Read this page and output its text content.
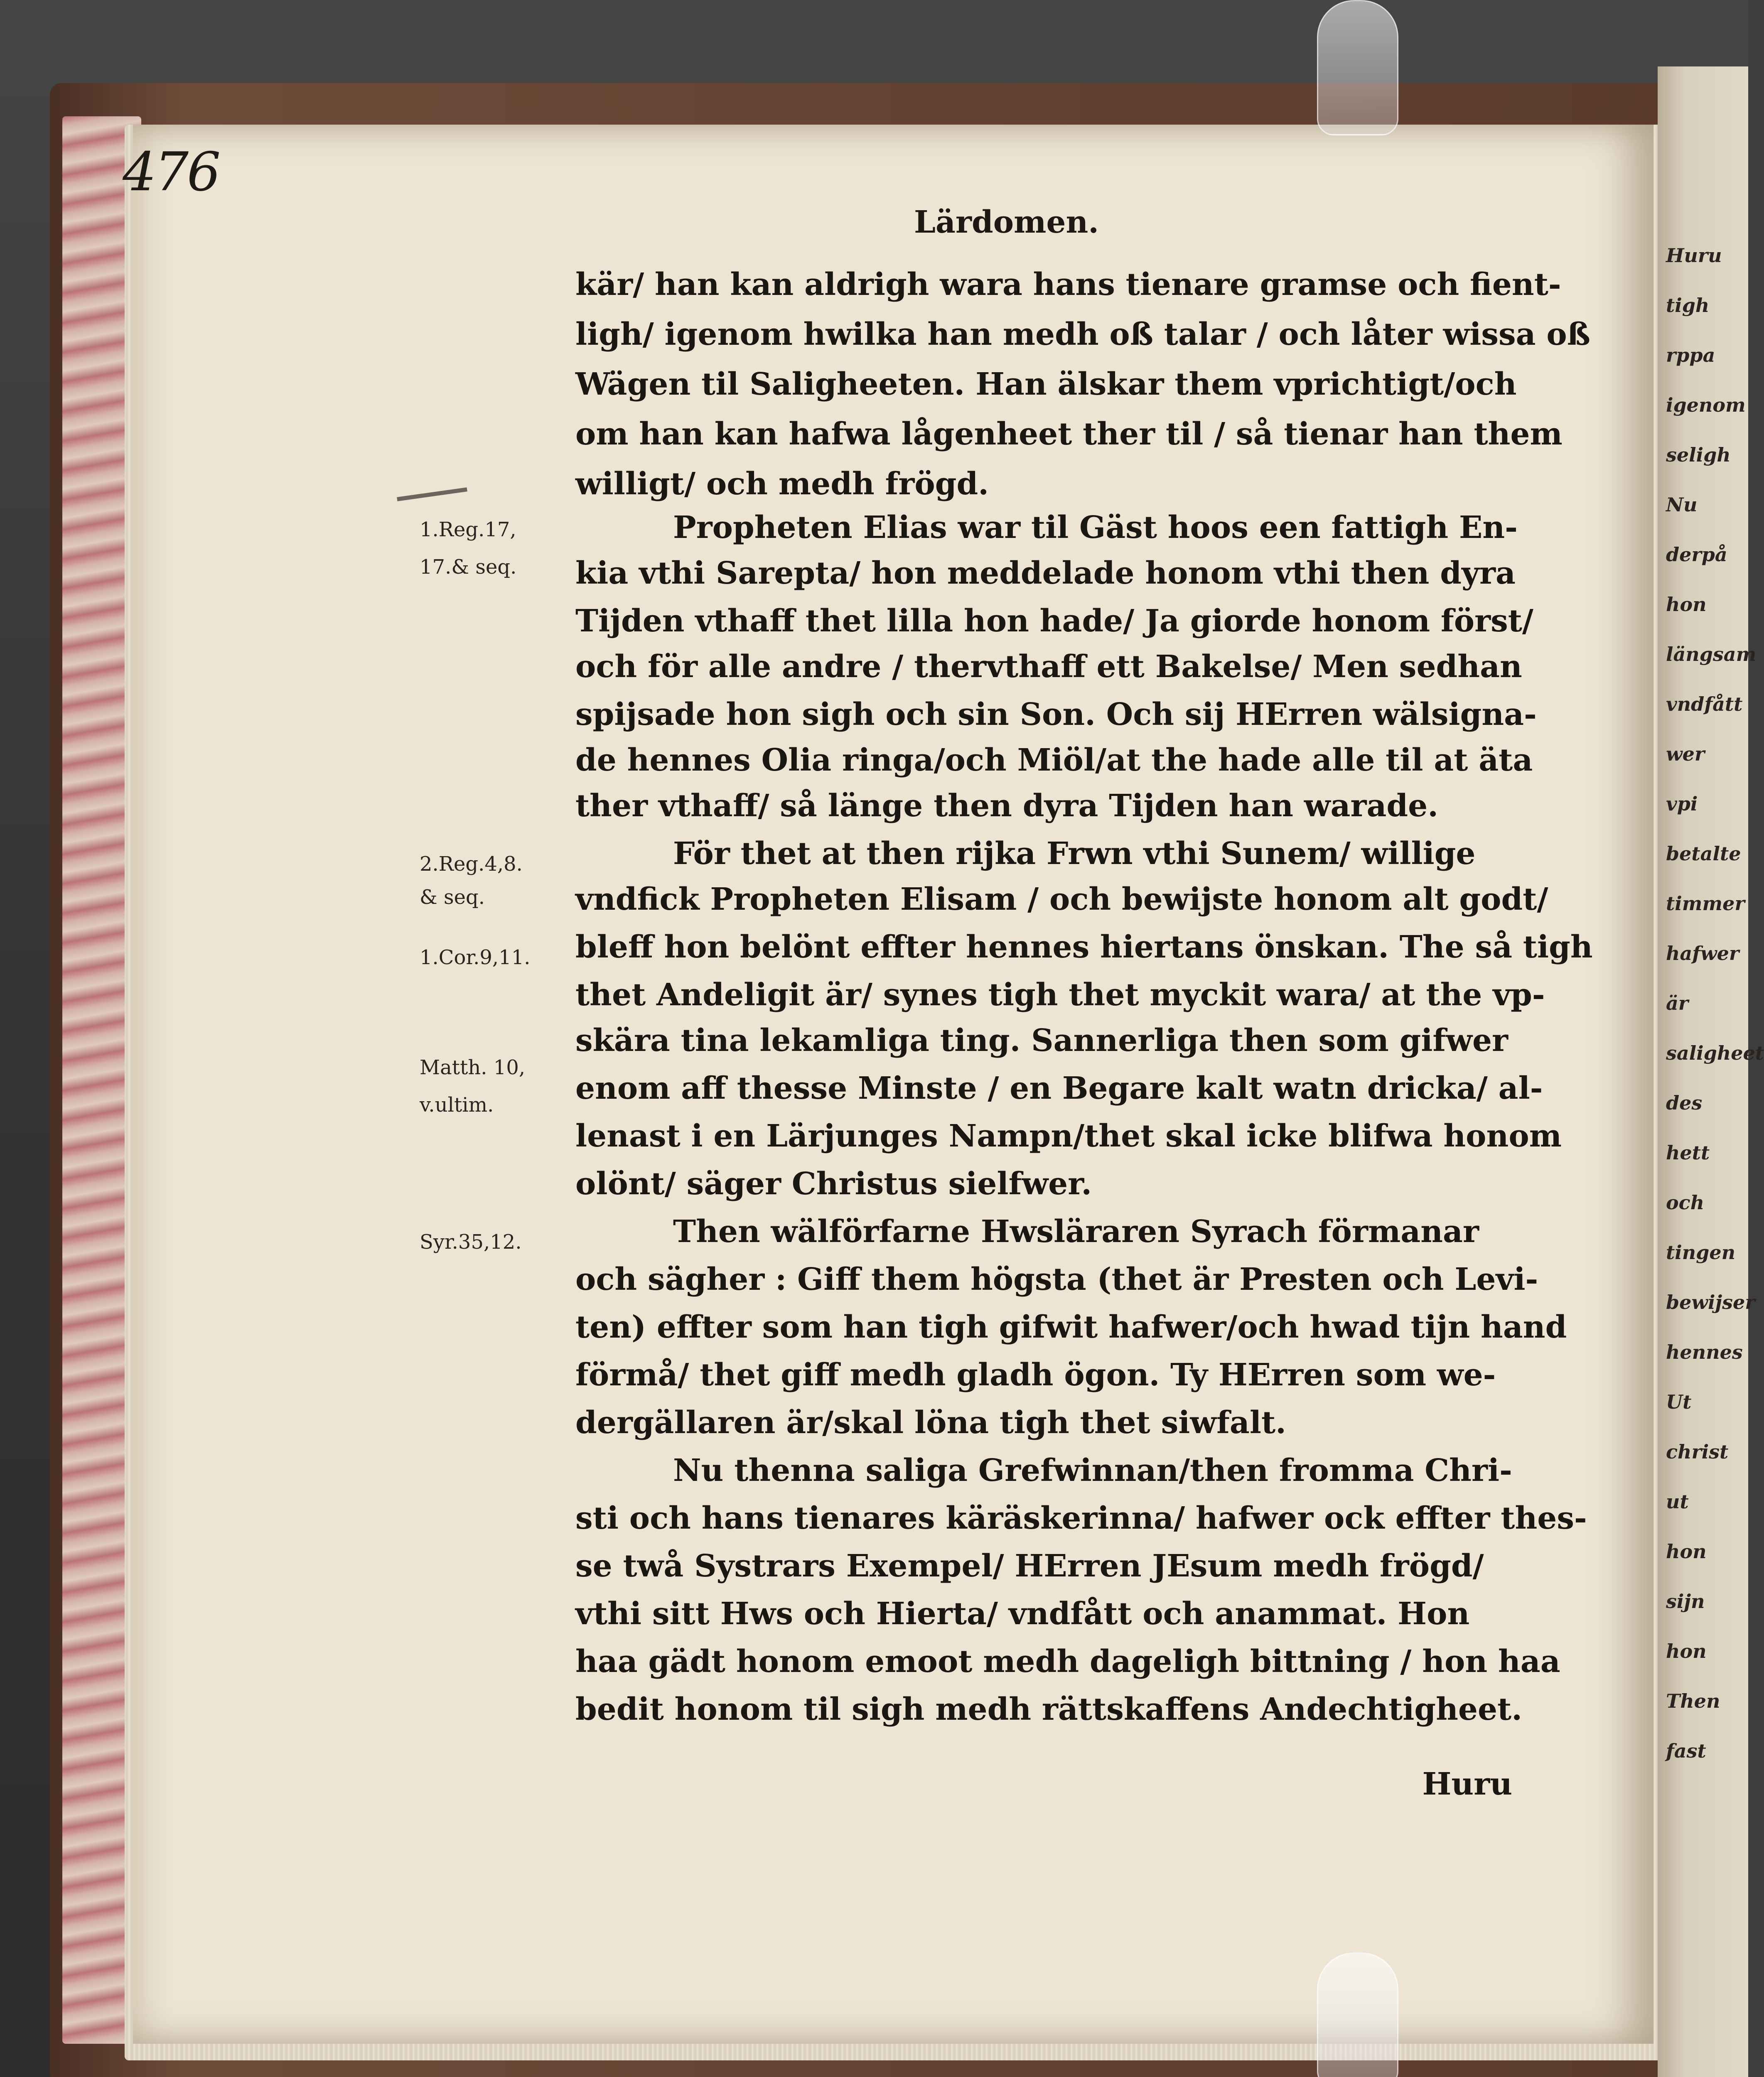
Huru
tigh
rppa
igenom
seligh
Nu
derpå
hon
längsam
vndfått
wer
vpi
betalte
timmer
hafwer
är
saligheet
des
hett
och
tingen
bewijser
hennes
Ut
christ
ut
hon
sijn
hon
Then
fast
476
Lärdomen.
kär/ han kan aldrigh wara hans tienare gramse och fient-
ligh/ igenom hwilka han medh oß talar / och låter wissa oß
Wägen til Saligheeten. Han älskar them vprichtigt/och
om han kan hafwa lågenheet ther til / så tienar han them
willigt/ och medh frögd.
Propheten Elias war til Gäst hoos een fattigh En-
kia vthi Sarepta/ hon meddelade honom vthi then dyra
Tijden vthaff thet lilla hon hade/ Ja giorde honom först/
och för alle andre / thervthaff ett Bakelse/ Men sedhan
spijsade hon sigh och sin Son. Och sij HErren wälsigna-
de hennes Olia ringa/och Miöl/at the hade alle til at äta
ther vthaff/ så länge then dyra Tijden han warade.
För thet at then rijka Frwn vthi Sunem/ willige
vndfick Propheten Elisam / och bewijste honom alt godt/
bleff hon belönt effter hennes hiertans önskan. The så tigh
thet Andeligit är/ synes tigh thet myckit wara/ at the vp-
skära tina lekamliga ting. Sannerliga then som gifwer
enom aff thesse Minste / en Begare kalt watn dricka/ al-
lenast i en Lärjunges Nampn/thet skal icke blifwa honom
olönt/ säger Christus sielfwer.
Then wälförfarne Hwsläraren Syrach förmanar
och sägher : Giff them högsta (thet är Presten och Levi-
ten) effter som han tigh gifwit hafwer/och hwad tijn hand
förmå/ thet giff medh gladh ögon. Ty HErren som we-
dergällaren är/skal löna tigh thet siwfalt.
Nu thenna saliga Grefwinnan/then fromma Chri-
sti och hans tienares käräskerinna/ hafwer ock effter thes-
se twå Systrars Exempel/ HErren JEsum medh frögd/
vthi sitt Hws och Hierta/ vndfått och anammat. Hon
haa gädt honom emoot medh dageligh bittning / hon haa
bedit honom til sigh medh rättskaffens Andechtigheet.
Huru
1.Reg.17,
17.& seq.
2.Reg.4,8.
& seq.
1.Cor.9,11.
Matth. 10,
v.ultim.
Syr.35,12.
